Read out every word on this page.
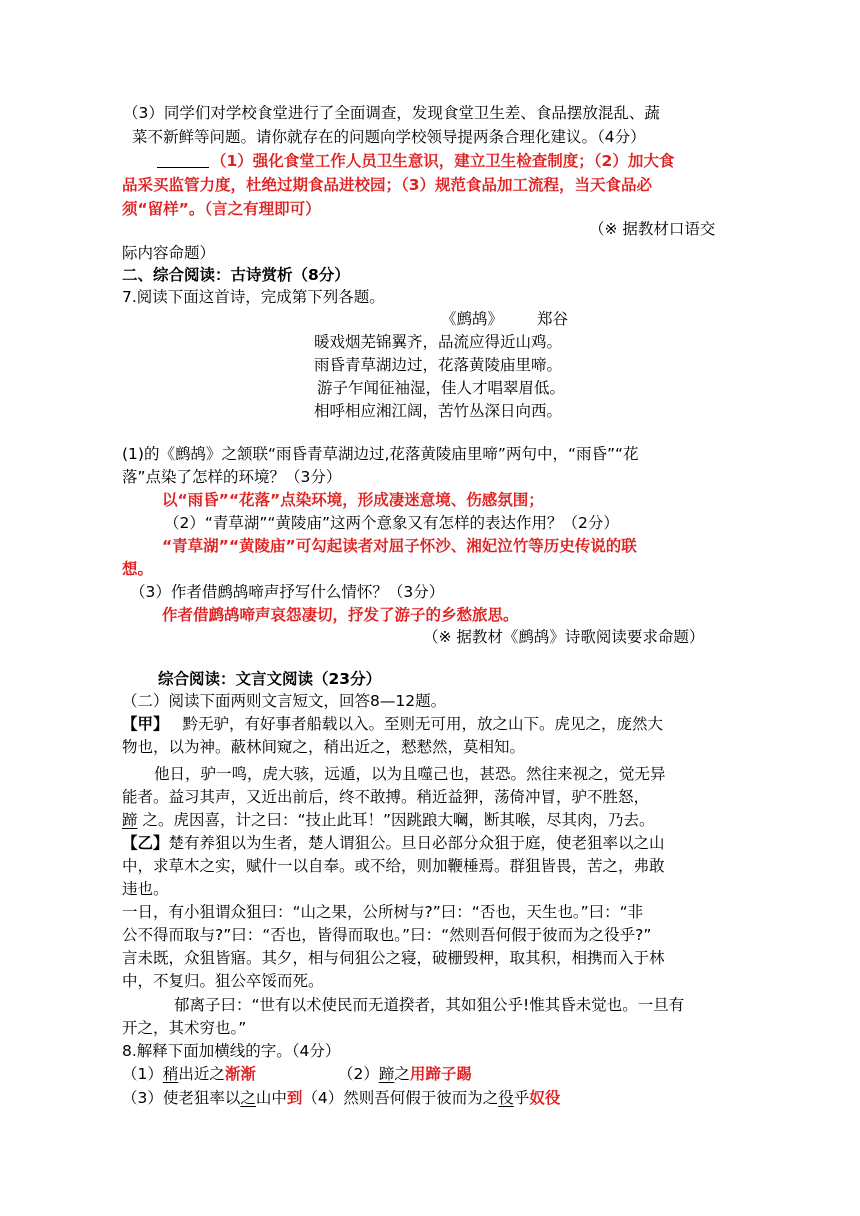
（3）同学们对学校食堂进行了全面调查，发现食堂卫生差、食品摆放混乱、蔬
菜不新鲜等问题。请你就存在的问题向学校领导提两条合理化建议。（4分）
（1）强化食堂工作人员卫生意识，建立卫生检查制度；（2）加大食
品采买监管力度，杜绝过期食品进校园；（3）规范食品加工流程，当天食品必
须“留样”。（言之有理即可）
（※ 据教材口语交
际内容命题）
二、综合阅读：古诗赏析（8分）
7.阅读下面这首诗，完成第下列各题。
《鹧鸪》 郑谷
暖戏烟芜锦翼齐，品流应得近山鸡。
雨昏青草湖边过，花落黄陵庙里啼。
游子乍闻征袖湿，佳人才唱翠眉低。
相呼相应湘江阔，苦竹丛深日向西。
(1)的《鹧鸪》之颔联“雨昏青草湖边过,花落黄陵庙里啼”两句中，“雨昏”“花
落”点染了怎样的环境？（3分）
以“雨昏”“花落”点染环境，形成凄迷意境、伤感氛围；
（2）“青草湖”“黄陵庙”这两个意象又有怎样的表达作用？（2分）
“青草湖”“黄陵庙”可勾起读者对屈子怀沙、湘妃泣竹等历史传说的联
想。
（3）作者借鹧鸪啼声抒写什么情怀？（3分）
作者借鹧鸪啼声哀怨凄切，抒发了游子的乡愁旅思。
（※ 据教材《鹧鸪》诗歌阅读要求命题）
综合阅读：文言文阅读（23分）
（二）阅读下面两则文言短文，回答8—12题。
【甲】 黔无驴，有好事者船载以入。至则无可用，放之山下。虎见之，庞然大
物也，以为神。蔽林间窥之，稍出近之，慭慭然，莫相知。
他日，驴一鸣，虎大骇，远遁，以为且噬己也，甚恐。然往来视之，觉无异
能者。益习其声，又近出前后，终不敢搏。稍近益狎，荡倚冲冒，驴不胜怒，
蹄 之。虎因喜，计之曰：“技止此耳！”因跳踉大㘎，断其喉，尽其肉，乃去。
【乙】楚有养狙以为生者，楚人谓狙公。旦日必部分众狙于庭，使老狙率以之山
中，求草木之实，赋什一以自奉。或不给，则加鞭棰焉。群狙皆畏，苦之，弗敢
违也。
一日，有小狙谓众狙曰：“山之果，公所树与?”曰：“否也，天生也。”曰：“非
公不得而取与?”曰：“否也，皆得而取也。”曰：“然则吾何假于彼而为之役乎?”
言未既，众狙皆寤。其夕，相与伺狙公之寝，破栅毁柙，取其积，相携而入于林
中，不复归。狙公卒馁而死。
郁离子曰：“世有以术使民而无道揆者，其如狙公乎!惟其昏未觉也。一旦有
开之，其术穷也。”
8.解释下面加横线的字。（4分）
（1）稍出近之渐渐	（2）蹄之用蹄子踢
（3）使老狙率以之山中到（4）然则吾何假于彼而为之役乎奴役
